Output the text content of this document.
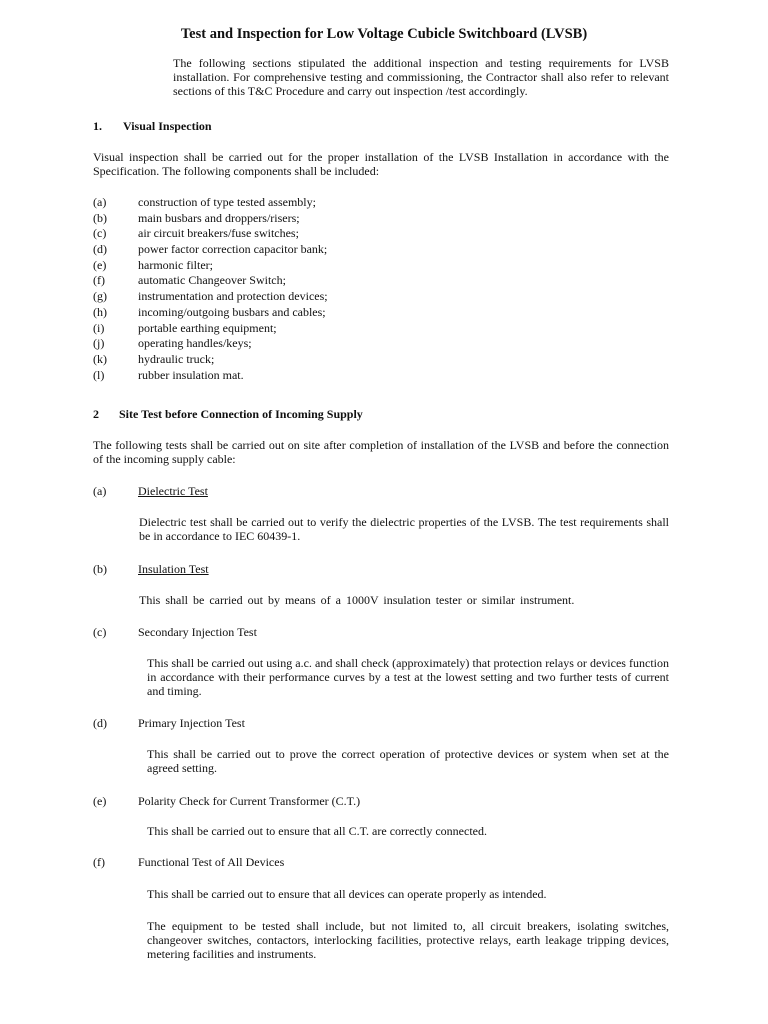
Test and Inspection for Low Voltage Cubicle Switchboard (LVSB)

The following sections stipulated the additional inspection and testing requirements for LVSB installation. For comprehensive testing and commissioning, the Contractor shall also refer to relevant sections of this T&C Procedure and carry out inspection /test accordingly.

1. Visual Inspection

Visual inspection shall be carried out for the proper installation of the LVSB Installation in accordance with the Specification. The following components shall be included:

(a)	construction of type tested assembly;
(b)	main busbars and droppers/risers;
(c)	air circuit breakers/fuse switches;
(d)	power factor correction capacitor bank;
(e)	harmonic filter;
(f)	automatic Changeover Switch;
(g)	instrumentation and protection devices;
(h)	incoming/outgoing busbars and cables;
(i)	portable earthing equipment;
(j)	operating handles/keys;
(k)	hydraulic truck;
(l)	rubber insulation mat.
2 Site Test before Connection of Incoming Supply

The following tests shall be carried out on site after completion of installation of the LVSB and before the connection of the incoming supply cable:

(a)	Dielectric Test

Dielectric test shall be carried out to verify the dielectric properties of the LVSB. The test requirements shall be in accordance to IEC 60439-1.

(b)	Insulation Test

This shall be carried out by means of a 1000V insulation tester or similar instrument.

(c)	Secondary Injection Test

This shall be carried out using a.c. and shall check (approximately) that protection relays or devices function in accordance with their performance curves by a test at the lowest setting and two further tests of current and timing.

(d)	Primary Injection Test

This shall be carried out to prove the correct operation of protective devices or system when set at the agreed setting.

(e)	Polarity Check for Current Transformer (C.T.)

This shall be carried out to ensure that all C.T. are correctly connected.

(f)	Functional Test of All Devices

This shall be carried out to ensure that all devices can operate properly as intended.

The equipment to be tested shall include, but not limited to, all circuit breakers, isolating switches, changeover switches, contactors, interlocking facilities, protective relays, earth leakage tripping devices, metering facilities and instruments.
